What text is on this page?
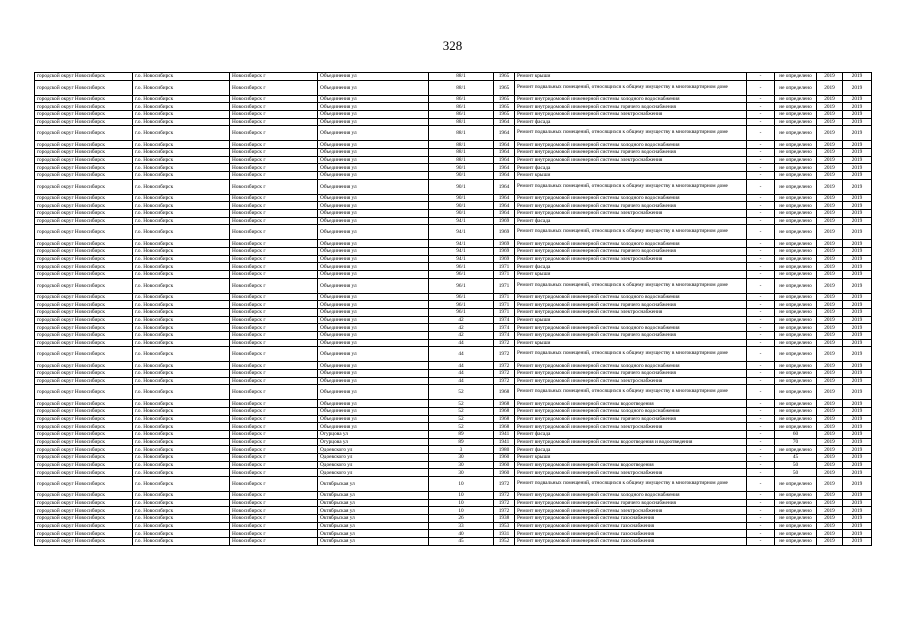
328
городской округ Новосибирск	г.о. Новосибирск	Новосибирск г	Объединения ул	88/1	1965	Ремонт крыши	-	не определено	2019	2019
городской округ Новосибирск	г.о. Новосибирск	Новосибирск г	Объединения ул	88/1	1965	Ремонт подвальных помещений, относящихся к общему имуществу в многоквартирном доме	-	не определено	2019	2019
городской округ Новосибирск	г.о. Новосибирск	Новосибирск г	Объединения ул	86/1	1965	Ремонт внутридомовой инженерной системы холодного водоснабжения	-	не определено	2019	2019
городской округ Новосибирск	г.о. Новосибирск	Новосибирск г	Объединения ул	86/1	1965	Ремонт внутридомовой инженерной системы горячего водоснабжения	-	не определено	2019	2019
городской округ Новосибирск	г.о. Новосибирск	Новосибирск г	Объединения ул	86/1	1965	Ремонт внутридомовой инженерной системы электроснабжения	-	не определено	2019	2019
городской округ Новосибирск	г.о. Новосибирск	Новосибирск г	Объединения ул	88/1	1964	Ремонт фасада	-	не определено	2019	2019
городской округ Новосибирск	г.о. Новосибирск	Новосибирск г	Объединения ул	88/1	1964	Ремонт подвальных помещений, относящихся к общему имуществу в многоквартирном доме	-	не определено	2019	2019
городской округ Новосибирск	г.о. Новосибирск	Новосибирск г	Объединения ул	88/1	1964	Ремонт внутридомовой инженерной системы холодного водоснабжения	-	не определено	2019	2019
городской округ Новосибирск	г.о. Новосибирск	Новосибирск г	Объединения ул	88/1	1964	Ремонт внутридомовой инженерной системы горячего водоснабжения	-	не определено	2019	2019
городской округ Новосибирск	г.о. Новосибирск	Новосибирск г	Объединения ул	88/1	1964	Ремонт внутридомовой инженерной системы электроснабжения	-	не определено	2019	2019
городской округ Новосибирск	г.о. Новосибирск	Новосибирск г	Объединения ул	90/1	1964	Ремонт фасада	-	не определено	2019	2019
городской округ Новосибирск	г.о. Новосибирск	Новосибирск г	Объединения ул	90/1	1964	Ремонт крыши	-	не определено	2019	2019
городской округ Новосибирск	г.о. Новосибирск	Новосибирск г	Объединения ул	90/1	1964	Ремонт подвальных помещений, относящихся к общему имуществу в многоквартирном доме	-	не определено	2019	2019
городской округ Новосибирск	г.о. Новосибирск	Новосибирск г	Объединения ул	90/1	1964	Ремонт внутридомовой инженерной системы холодного водоснабжения	-	не определено	2019	2019
городской округ Новосибирск	г.о. Новосибирск	Новосибирск г	Объединения ул	90/1	1964	Ремонт внутридомовой инженерной системы горячего водоснабжения	-	не определено	2019	2019
городской округ Новосибирск	г.о. Новосибирск	Новосибирск г	Объединения ул	90/1	1964	Ремонт внутридомовой инженерной системы электроснабжения	-	не определено	2019	2019
городской округ Новосибирск	г.о. Новосибирск	Новосибирск г	Объединения ул	94/1	1969	Ремонт фасада	-	не определено	2019	2019
городской округ Новосибирск	г.о. Новосибирск	Новосибирск г	Объединения ул	94/1	1969	Ремонт подвальных помещений, относящихся к общему имуществу в многоквартирном доме	-	не определено	2019	2019
городской округ Новосибирск	г.о. Новосибирск	Новосибирск г	Объединения ул	94/1	1969	Ремонт внутридомовой инженерной системы холодного водоснабжения	-	не определено	2019	2019
городской округ Новосибирск	г.о. Новосибирск	Новосибирск г	Объединения ул	94/1	1969	Ремонт внутридомовой инженерной системы горячего водоснабжения	-	не определено	2019	2019
городской округ Новосибирск	г.о. Новосибирск	Новосибирск г	Объединения ул	94/1	1969	Ремонт внутридомовой инженерной системы электроснабжения	-	не определено	2019	2019
городской округ Новосибирск	г.о. Новосибирск	Новосибирск г	Объединения ул	96/1	1971	Ремонт фасада	-	не определено	2019	2019
городской округ Новосибирск	г.о. Новосибирск	Новосибирск г	Объединения ул	96/1	1971	Ремонт крыши	-	не определено	2019	2019
городской округ Новосибирск	г.о. Новосибирск	Новосибирск г	Объединения ул	96/1	1971	Ремонт подвальных помещений, относящихся к общему имуществу в многоквартирном доме	-	не определено	2019	2019
городской округ Новосибирск	г.о. Новосибирск	Новосибирск г	Объединения ул	96/1	1971	Ремонт внутридомовой инженерной системы холодного водоснабжения	-	не определено	2019	2019
городской округ Новосибирск	г.о. Новосибирск	Новосибирск г	Объединения ул	96/1	1971	Ремонт внутридомовой инженерной системы горячего водоснабжения	-	не определено	2019	2019
городской округ Новосибирск	г.о. Новосибирск	Новосибирск г	Объединения ул	96/1	1971	Ремонт внутридомовой инженерной системы электроснабжения	-	не определено	2019	2019
городской округ Новосибирск	г.о. Новосибирск	Новосибирск г	Объединения ул	42	1974	Ремонт крыши	-	не определено	2019	2019
городской округ Новосибирск	г.о. Новосибирск	Новосибирск г	Объединения ул	42	1974	Ремонт внутридомовой инженерной системы холодного водоснабжения	-	не определено	2019	2019
городской округ Новосибирск	г.о. Новосибирск	Новосибирск г	Объединения ул	42	1974	Ремонт внутридомовой инженерной системы горячего водоснабжения	-	не определено	2019	2019
городской округ Новосибирск	г.о. Новосибирск	Новосибирск г	Объединения ул	44	1972	Ремонт крыши	-	не определено	2019	2019
городской округ Новосибирск	г.о. Новосибирск	Новосибирск г	Объединения ул	44	1972	Ремонт подвальных помещений, относящихся к общему имуществу в многоквартирном доме	-	не определено	2019	2019
городской округ Новосибирск	г.о. Новосибирск	Новосибирск г	Объединения ул	44	1972	Ремонт внутридомовой инженерной системы холодного водоснабжения	-	не определено	2019	2019
городской округ Новосибирск	г.о. Новосибирск	Новосибирск г	Объединения ул	44	1972	Ремонт внутридомовой инженерной системы горячего водоснабжения	-	не определено	2019	2019
городской округ Новосибирск	г.о. Новосибирск	Новосибирск г	Объединения ул	44	1972	Ремонт внутридомовой инженерной системы электроснабжения	-	не определено	2019	2019
городской округ Новосибирск	г.о. Новосибирск	Новосибирск г	Объединения ул	52	1968	Ремонт подвальных помещений, относящихся к общему имуществу в многоквартирном доме	-	не определено	2019	2019
городской округ Новосибирск	г.о. Новосибирск	Новосибирск г	Объединения ул	52	1968	Ремонт внутридомовой инженерной системы водоотведения	-	не определено	2019	2019
городской округ Новосибирск	г.о. Новосибирск	Новосибирск г	Объединения ул	52	1968	Ремонт внутридомовой инженерной системы холодного водоснабжения	-	не определено	2019	2019
городской округ Новосибирск	г.о. Новосибирск	Новосибирск г	Объединения ул	52	1968	Ремонт внутридомовой инженерной системы горячего водоснабжения	-	не определено	2019	2019
городской округ Новосибирск	г.о. Новосибирск	Новосибирск г	Объединения ул	52	1968	Ремонт внутридомовой инженерной системы электроснабжения	-	не определено	2019	2019
городской округ Новосибирск	г.о. Новосибирск	Новосибирск г	Огурцова ул	89	1941	Ремонт фасада	-	60	2019	2019
городской округ Новосибирск	г.о. Новосибирск	Новосибирск г	Огурцова ул	89	1941	Ремонт внутридомовой инженерной системы водоотведения и водоотведения	-	70	2019	2019
городской округ Новосибирск	г.о. Новосибирск	Новосибирск г	Одоевского ул	3	1980	Ремонт фасада	-	не определено	2019	2019
городской округ Новосибирск	г.о. Новосибирск	Новосибирск г	Одоевского ул	30	1960	Ремонт крыши	-	45	2019	2019
городской округ Новосибирск	г.о. Новосибирск	Новосибирск г	Одоевского ул	30	1960	Ремонт внутридомовой инженерной системы водоотведения	-	50	2019	2019
городской округ Новосибирск	г.о. Новосибирск	Новосибирск г	Одоевского ул	30	1960	Ремонт внутридомовой инженерной системы электроснабжения	-	50	2019	2019
городской округ Новосибирск	г.о. Новосибирск	Новосибирск г	Октябрьская ул	10	1972	Ремонт подвальных помещений, относящихся к общему имуществу в многоквартирном доме	-	не определено	2019	2019
городской округ Новосибирск	г.о. Новосибирск	Новосибирск г	Октябрьская ул	10	1972	Ремонт внутридомовой инженерной системы холодного водоснабжения	-	не определено	2019	2019
городской округ Новосибирск	г.о. Новосибирск	Новосибирск г	Октябрьская ул	10	1972	Ремонт внутридомовой инженерной системы горячего водоснабжения	-	не определено	2019	2019
городской округ Новосибирск	г.о. Новосибирск	Новосибирск г	Октябрьская ул	10	1972	Ремонт внутридомовой инженерной системы электроснабжения	-	не определено	2019	2019
городской округ Новосибирск	г.о. Новосибирск	Новосибирск г	Октябрьская ул	26	1938	Ремонт внутридомовой инженерной системы газоснабжения	-	не определено	2019	2019
городской округ Новосибирск	г.о. Новосибирск	Новосибирск г	Октябрьская ул	33	1953	Ремонт внутридомовой инженерной системы газоснабжения	-	не определено	2019	2019
городской округ Новосибирск	г.о. Новосибирск	Новосибирск г	Октябрьская ул	40	1931	Ремонт внутридомовой инженерной системы газоснабжения	-	не определено	2019	2019
городской округ Новосибирск	г.о. Новосибирск	Новосибирск г	Октябрьская ул	45	1952	Ремонт внутридомовой инженерной системы газоснабжения	-	не определено	2019	2019
